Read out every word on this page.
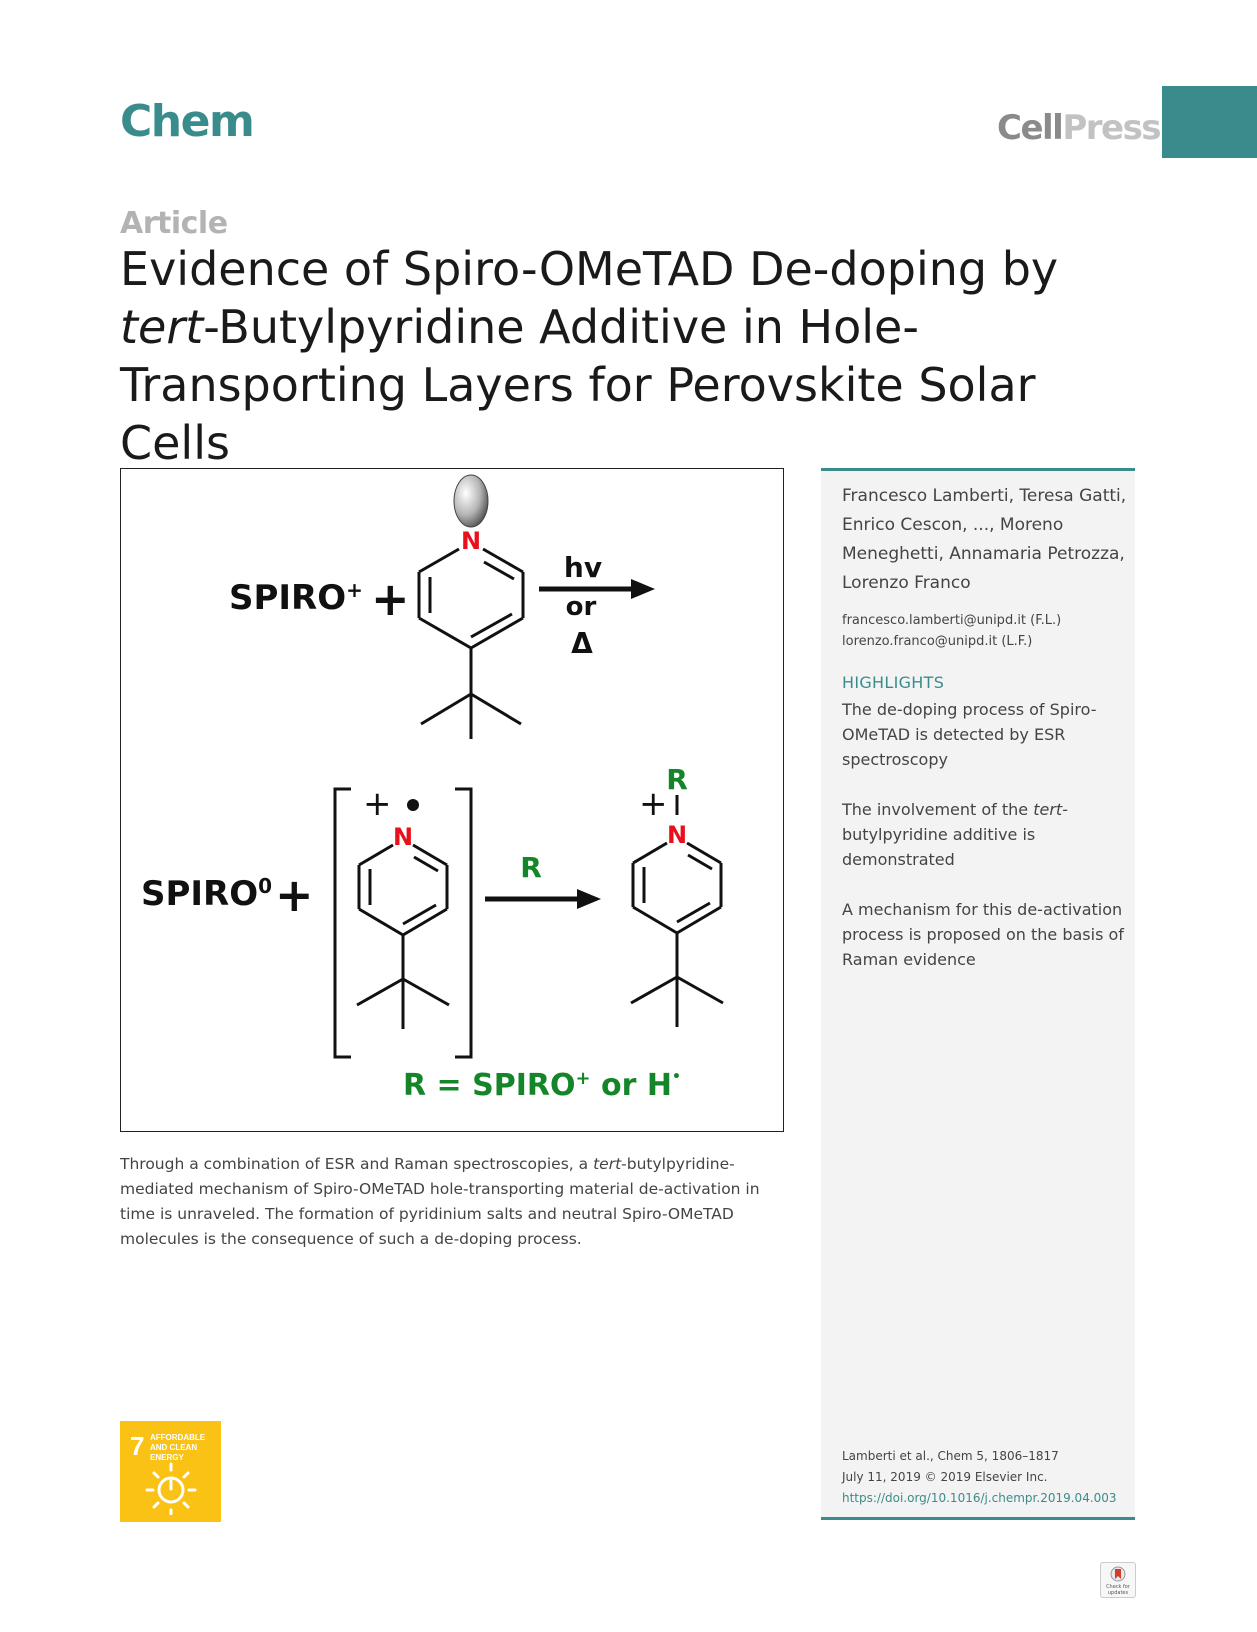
Chem	CellPress
Article
Evidence of Spiro-OMeTAD De-doping by
tert-Butylpyridine Additive in Hole-
Transporting Layers for Perovskite Solar Cells
SPIRO+ +
N
hv
or
Δ
$SPIRO^0$ +
+
N
R
R
+
N
R = SPIRO+ or H•
Through a combination of ESR and Raman spectroscopies, a tert-butylpyridine-mediated mechanism of Spiro-OMeTAD hole-transporting material de-activation in time is unraveled. The formation of pyridinium salts and neutral Spiro-OMeTAD molecules is the consequence of such a de-doping process.
Francesco Lamberti, Teresa Gatti, Enrico Cescon, ..., Moreno Meneghetti, Annamaria Petrozza, Lorenzo Franco
francesco.lamberti@unipd.it (F.L.)
lorenzo.franco@unipd.it (L.F.)
HIGHLIGHTS
The de-doping process of Spiro-OMeTAD is detected by ESR spectroscopy
The involvement of the tert-butylpyridine additive is demonstrated
A mechanism for this de-activation process is proposed on the basis of Raman evidence
Lamberti et al., Chem 5, 1806–1817
July 11, 2019 © 2019 Elsevier Inc.
https://doi.org/10.1016/j.chempr.2019.04.003
7 AFFORDABLE AND CLEAN ENERGY
Check for updates
